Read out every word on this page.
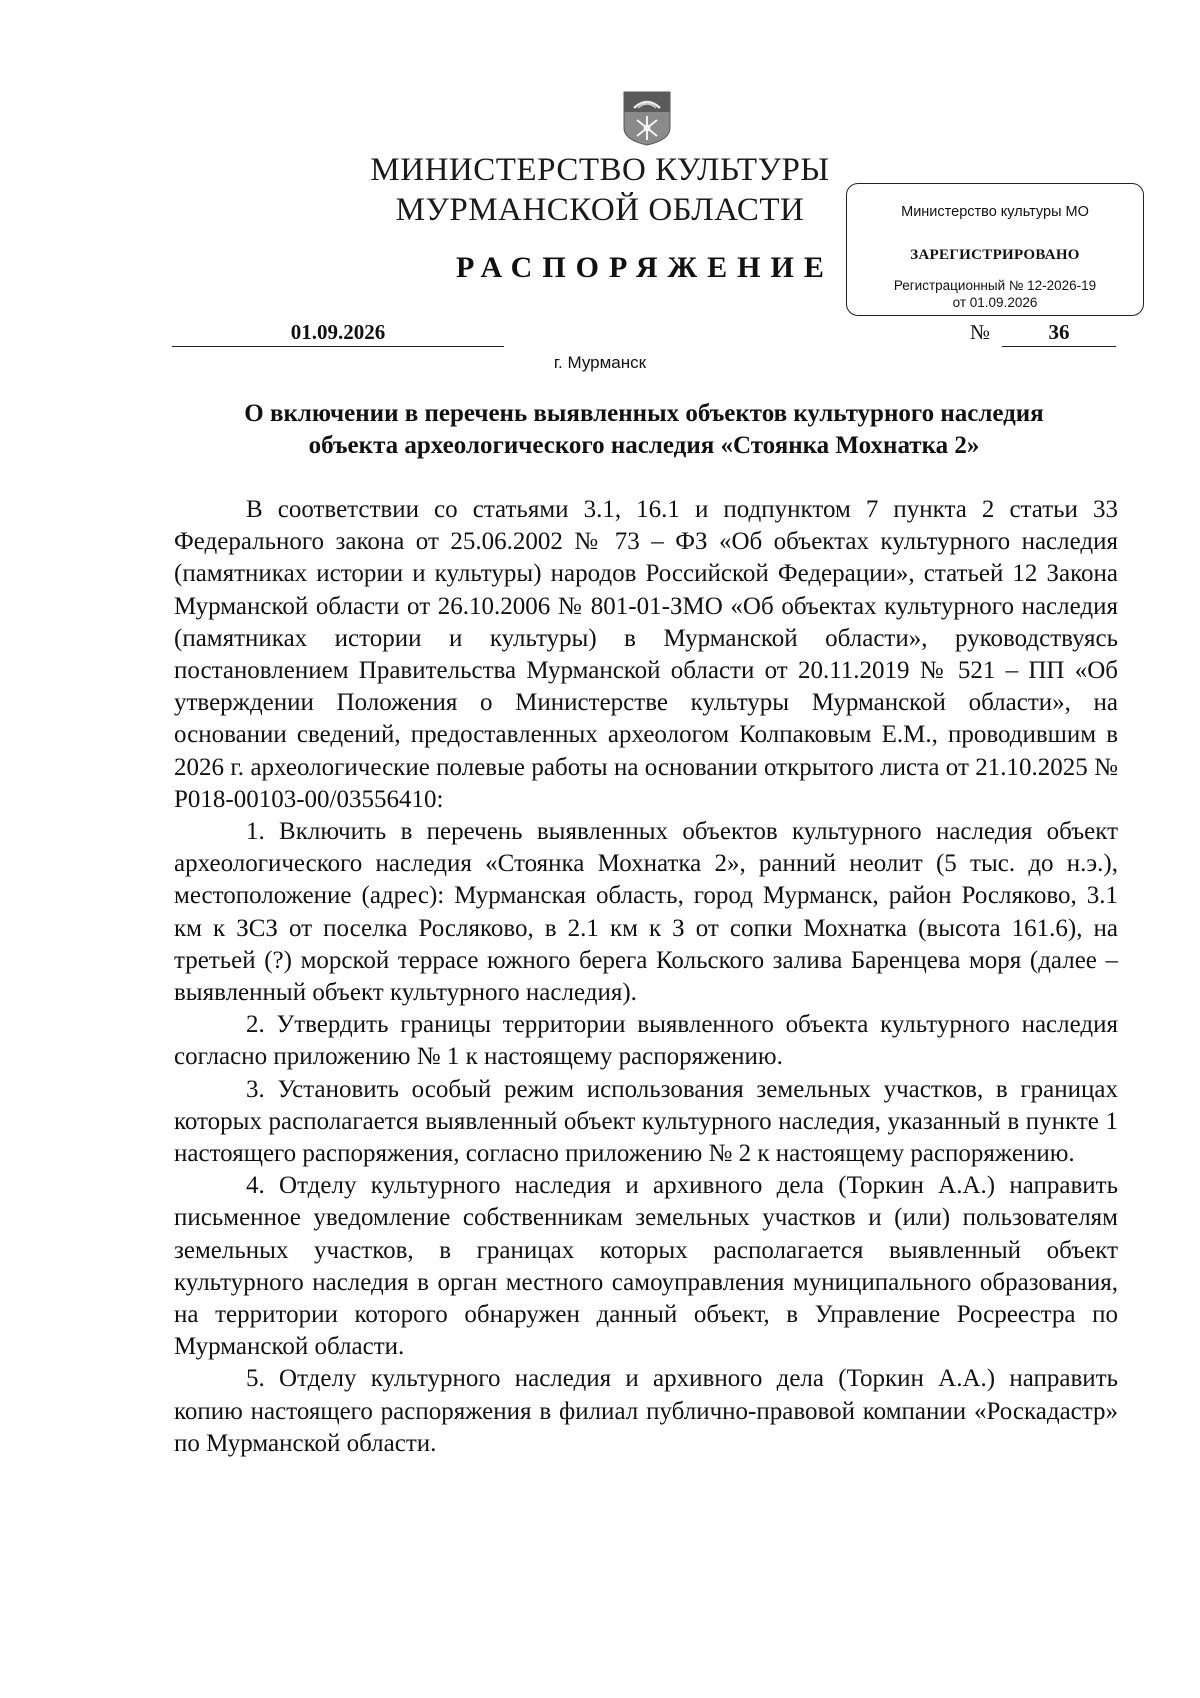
МИНИСТЕРСТВО КУЛЬТУРЫ
МУРМАНСКОЙ ОБЛАСТИ
РАСПОРЯЖЕНИЕ
Министерство культуры МО
ЗАРЕГИСТРИРОВАНО
Регистрационный № 12-2026-19
от 01.09.2026
01.09.2026	№	36
г. Мурманск
О включении в перечень выявленных объектов культурного наследия
объекта археологического наследия «Стоянка Мохнатка 2»

В соответствии со статьями 3.1, 16.1 и подпунктом 7 пункта 2 статьи 33 Федерального закона от 25.06.2002 № 73 – ФЗ «Об объектах культурного наследия (памятниках истории и культуры) народов Российской Федерации», статьей 12 Закона Мурманской области от 26.10.2006 № 801-01-ЗМО «Об объектах культурного наследия (памятниках истории и культуры) в Мурманской области», руководствуясь постановлением Правительства Мурманской области от 20.11.2019 № 521 – ПП «Об утверждении Положения о Министерстве культуры Мурманской области», на основании сведений, предоставленных археологом Колпаковым Е.М., проводившим в 2026 г. археологические полевые работы на основании открытого листа от 21.10.2025 № Р018-00103-00/03556410:

1. Включить в перечень выявленных объектов культурного наследия объект археологического наследия «Стоянка Мохнатка 2», ранний неолит (5 тыс. до н.э.), местоположение (адрес): Мурманская область, город Мурманск, район Росляково, 3.1 км к ЗСЗ от поселка Росляково, в 2.1 км к З от сопки Мохнатка (высота 161.6), на третьей (?) морской террасе южного берега Кольского залива Баренцева моря (далее – выявленный объект культурного наследия).

2. Утвердить границы территории выявленного объекта культурного наследия согласно приложению № 1 к настоящему распоряжению.

3. Установить особый режим использования земельных участков, в границах которых располагается выявленный объект культурного наследия, указанный в пункте 1 настоящего распоряжения, согласно приложению № 2 к настоящему распоряжению.

4. Отделу культурного наследия и архивного дела (Торкин А.А.) направить письменное уведомление собственникам земельных участков и (или) пользователям земельных участков, в границах которых располагается выявленный объект культурного наследия в орган местного самоуправления муниципального образования, на территории которого обнаружен данный объект, в Управление Росреестра по Мурманской области.

5. Отделу культурного наследия и архивного дела (Торкин А.А.) направить копию настоящего распоряжения в филиал публично-правовой компании «Роскадастр» по Мурманской области.
